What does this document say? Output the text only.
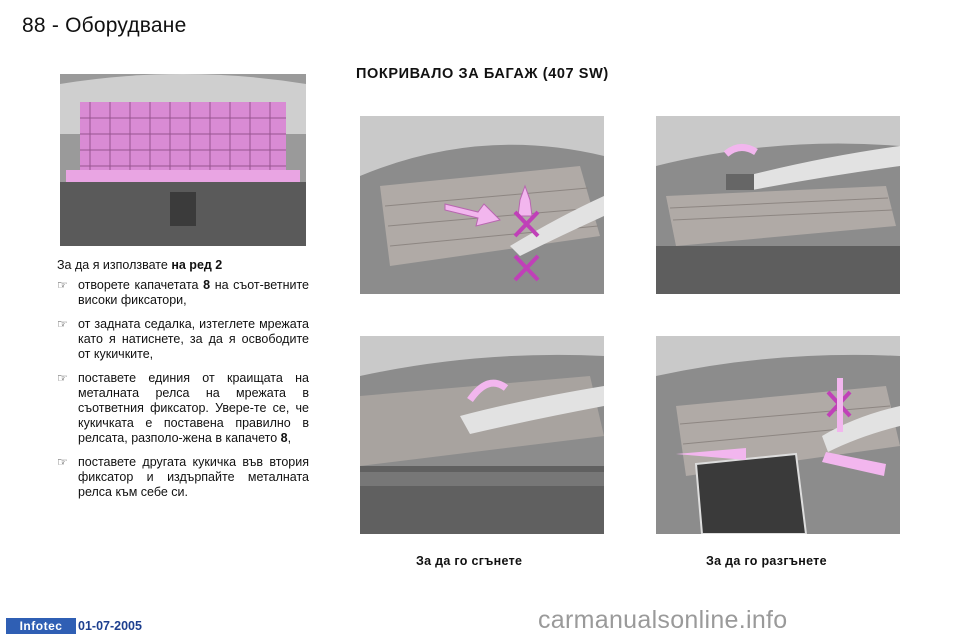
88 - Оборудване
ПОКРИВАЛО ЗА БАГАЖ (407 SW)
За да я използвате на ред 2
☞ отворете капачетата 8 на съот-ветните високи фиксатори,
☞ от задната седалка, изтеглете мрежата като я натиснете, за да я освободите от кукичките,
☞ поставете единия от краищата на металната релса на мрежата в съответния фиксатор. Увере-те се, че кукичката е поставена правилно в релсата, разполо-жена в капачето 8,
☞ поставете другата кукичка във втория фиксатор и издърпайте металната релса към себе си.
За да го сгънете	За да го разгънете
Infotec	01-07-2005	carmanualsonline.info
